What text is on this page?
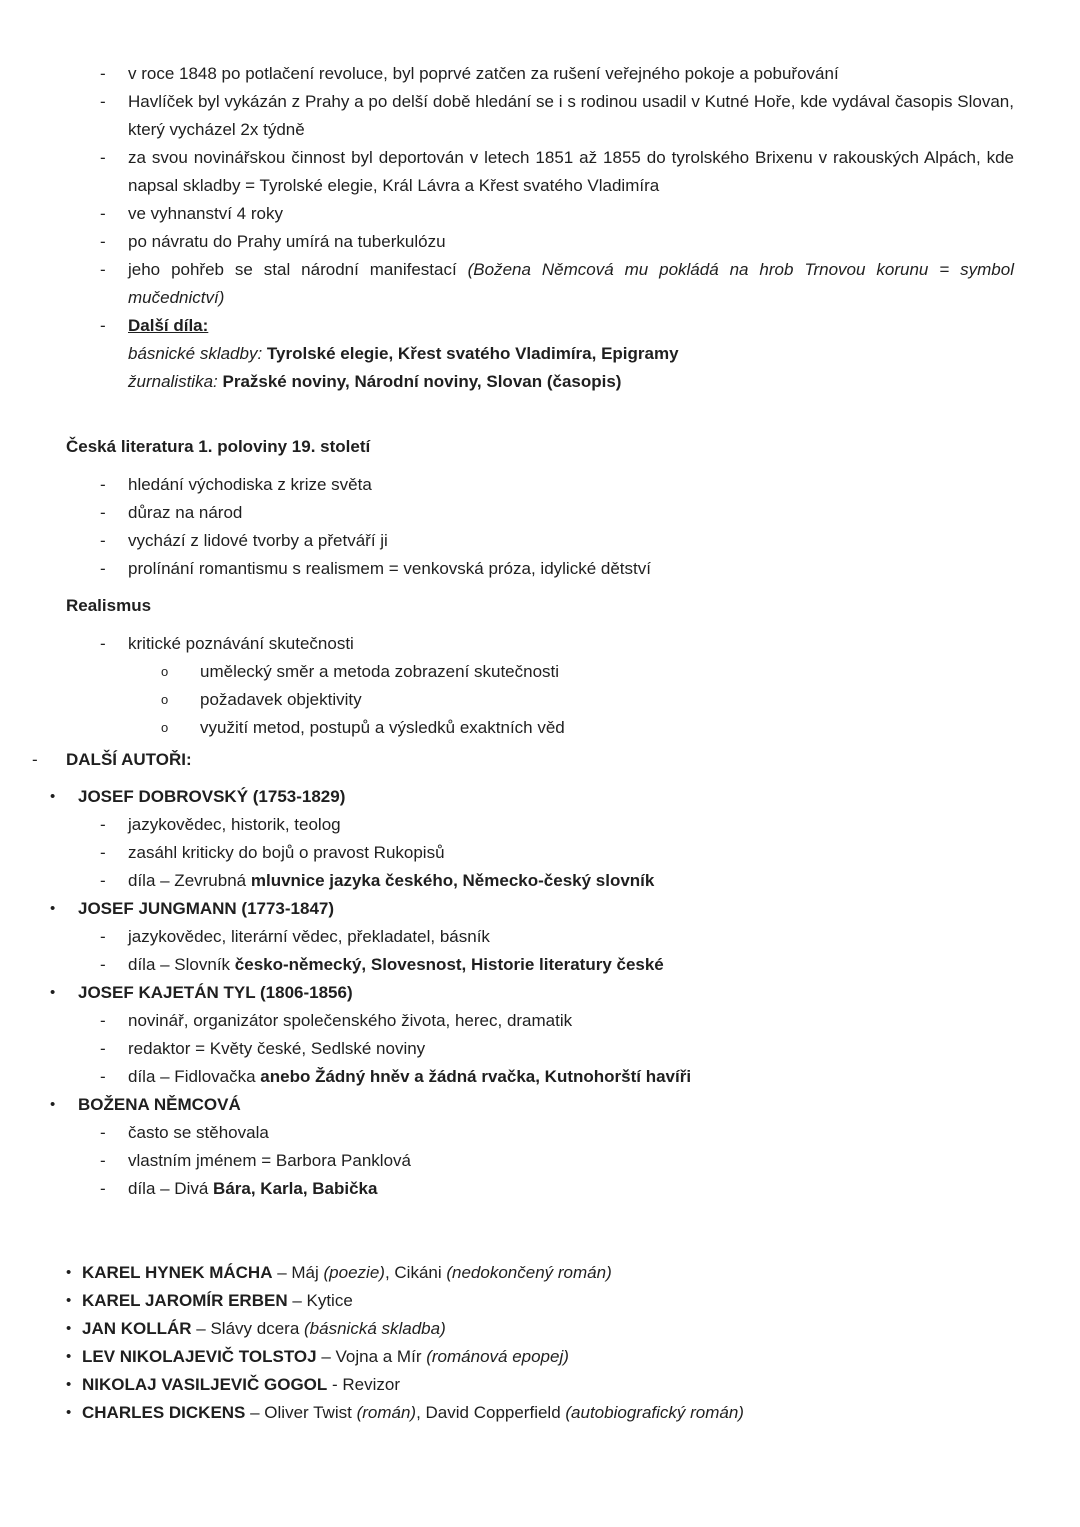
- v roce 1848 po potlačení revoluce, byl poprvé zatčen za rušení veřejného pokoje a pobuřování
- Havlíček byl vykázán z Prahy a po delší době hledání se i s rodinou usadil v Kutné Hoře, kde vydával časopis Slovan, který vycházel 2x týdně
- za svou novinářskou činnost byl deportován v letech 1851 až 1855 do tyrolského Brixenu v rakouských Alpách, kde napsal skladby = Tyrolské elegie, Král Lávra a Křest svatého Vladimíra
- ve vyhnanství 4 roky
- po návratu do Prahy umírá na tuberkulózu
- jeho pohřeb se stal národní manifestací (Božena Němcová mu pokládá na hrob Trnovou korunu = symbol mučednictví)
- Další díla:
básnické skladby: Tyrolské elegie, Křest svatého Vladimíra, Epigramy
žurnalistika: Pražské noviny, Národní noviny, Slovan (časopis)
Česká literatura 1. poloviny 19. století
- hledání východiska z krize světa
- důraz na národ
- vychází z lidové tvorby a přetváří ji
- prolínání romantismu s realismem = venkovská próza, idylické dětství
Realismus
- kritické poznávání skutečnosti
o umělecký směr a metoda zobrazení skutečnosti
o požadavek objektivity
o využití metod, postupů a výsledků exaktních věd
- DALŠÍ AUTOŘI:
• JOSEF DOBROVSKÝ (1753-1829)
- jazykovědec, historik, teolog
- zasáhl kriticky do bojů o pravost Rukopisů
- díla – Zevrubná mluvnice jazyka českého, Německo-český slovník
• JOSEF JUNGMANN (1773-1847)
- jazykovědec, literární vědec, překladatel, básník
- díla – Slovník česko-německý, Slovesnost, Historie literatury české
• JOSEF KAJETÁN TYL (1806-1856)
- novinář, organizátor společenského života, herec, dramatik
- redaktor = Květy české, Sedlské noviny
- díla – Fidlovačka anebo Žádný hněv a žádná rvačka, Kutnohorští havíři
• BOŽENA NĚMCOVÁ
- často se stěhovala
- vlastním jménem = Barbora Panklová
- díla – Divá Bára, Karla, Babička
• KAREL HYNEK MÁCHA – Máj (poezie), Cikáni (nedokončený román)
• KAREL JAROMÍR ERBEN – Kytice
• JAN KOLLÁR – Slávy dcera (básnická skladba)
• LEV NIKOLAJEVIČ TOLSTOJ – Vojna a Mír (románová epopej)
• NIKOLAJ VASILJEVIČ GOGOL - Revizor
• CHARLES DICKENS – Oliver Twist (román), David Copperfield (autobiografický román)
